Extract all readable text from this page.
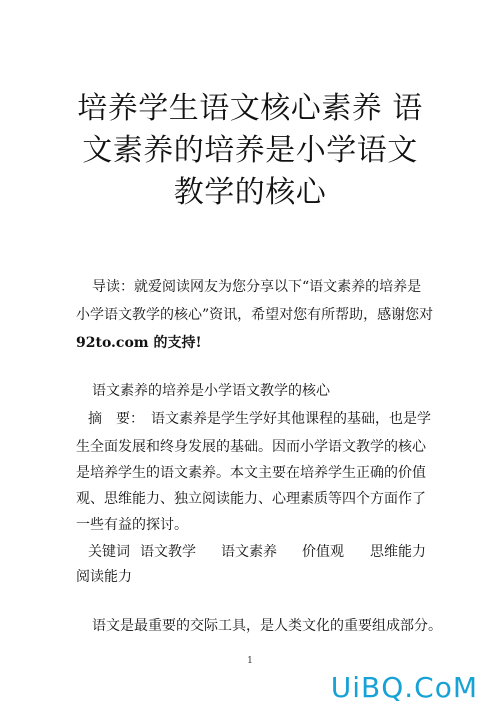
培养学生语文核心素养 语
文素养的培养是小学语文
教学的核心
导读：就爱阅读网友为您分享以下“语文素养的培养是
小学语文教学的核心”资讯，希望对您有所帮助，感谢您对
92to.com 的支持!
语文素养的培养是小学语文教学的核心
摘　要：　语文素养是学生学好其他课程的基础，也是学
生全面发展和终身发展的基础。因而小学语文教学的核心
是培养学生的语文素养。本文主要在培养学生正确的价值
观、思维能力、独立阅读能力、心理素质等四个方面作了
一些有益的探讨。
关键词 语文教学 语文素养 价值观 思维能力
阅读能力
语文是最重要的交际工具，是人类文化的重要组成部分。
1
UiBQ.CoM
